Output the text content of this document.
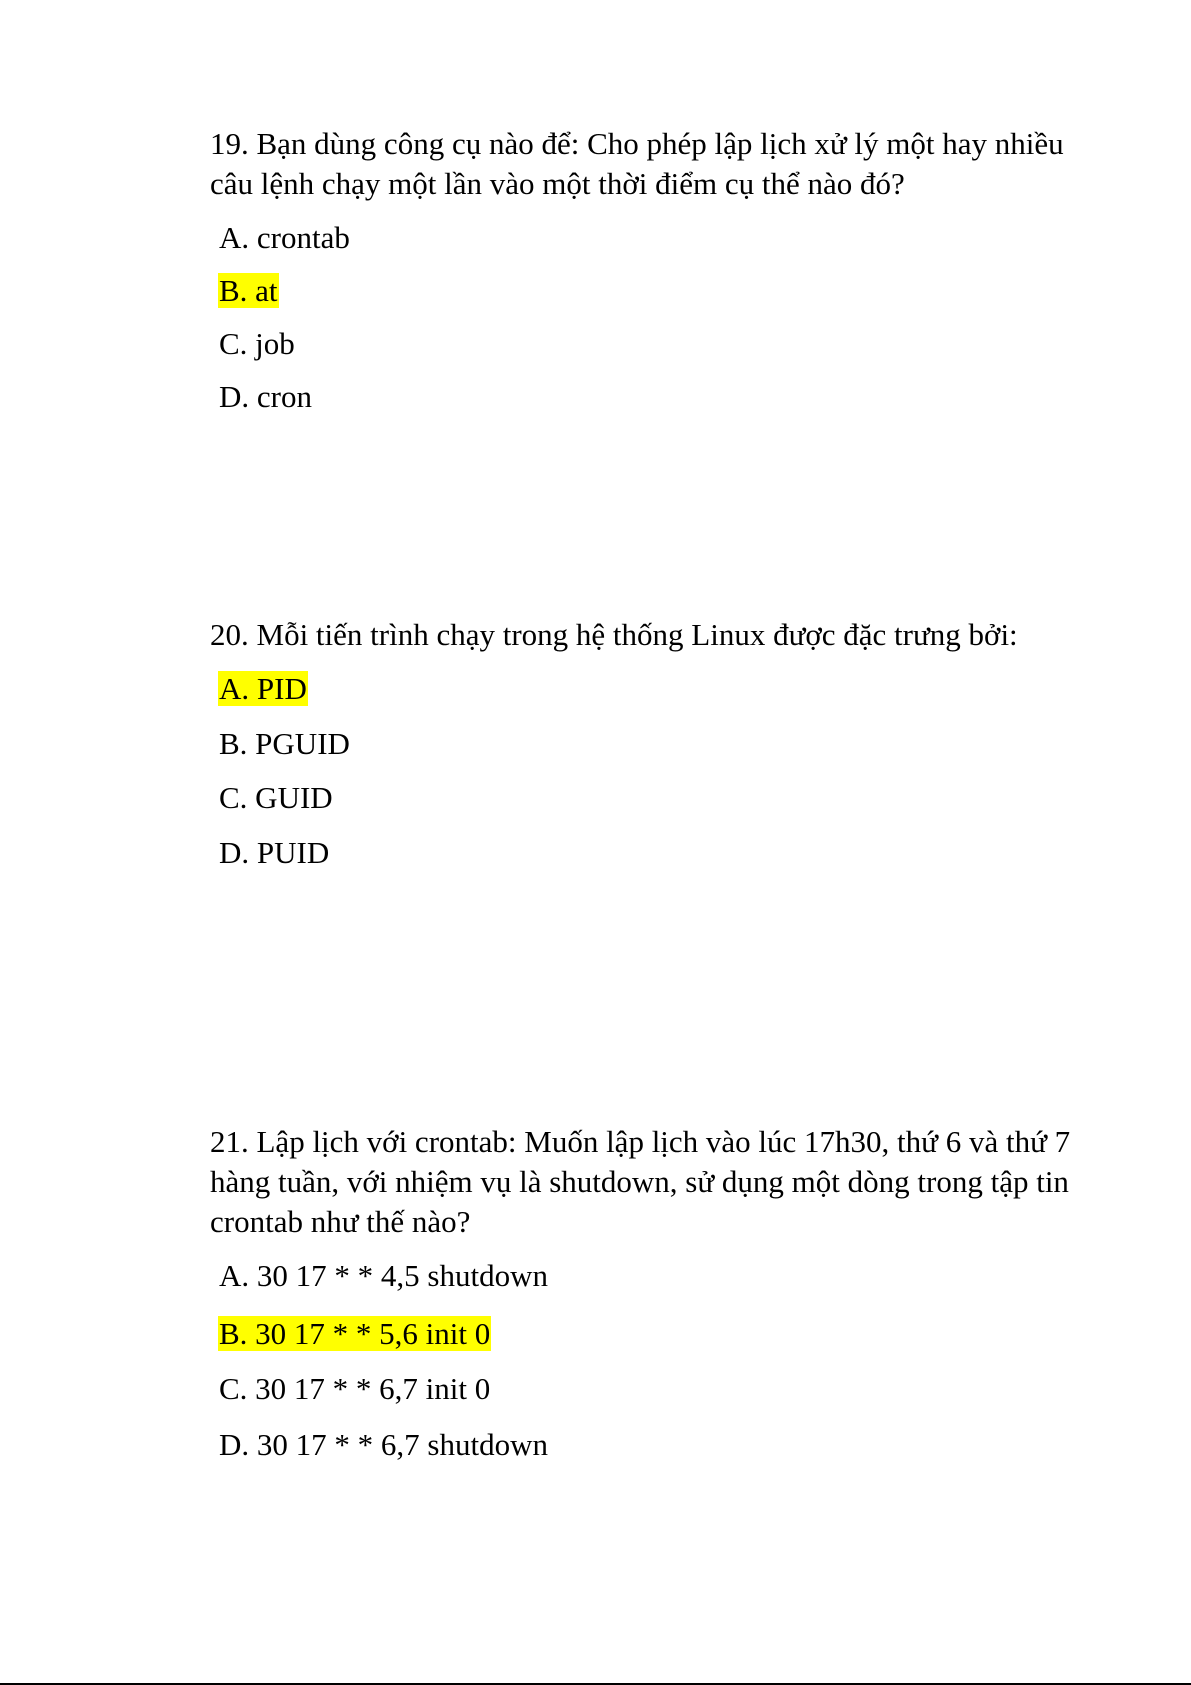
19. Bạn dùng công cụ nào để: Cho phép lập lịch xử lý một hay nhiều
câu lệnh chạy một lần vào một thời điểm cụ thể nào đó?

A. crontab
B. at
C. job
D. cron

20. Mỗi tiến trình chạy trong hệ thống Linux được đặc trưng bởi:

A. PID
B. PGUID
C. GUID
D. PUID

21. Lập lịch với crontab: Muốn lập lịch vào lúc 17h30, thứ 6 và thứ 7
hàng tuần, với nhiệm vụ là shutdown, sử dụng một dòng trong tập tin
crontab như thế nào?

A. 30 17 * * 4,5 shutdown
B. 30 17 * * 5,6 init 0
C. 30 17 * * 6,7 init 0
D. 30 17 * * 6,7 shutdown
